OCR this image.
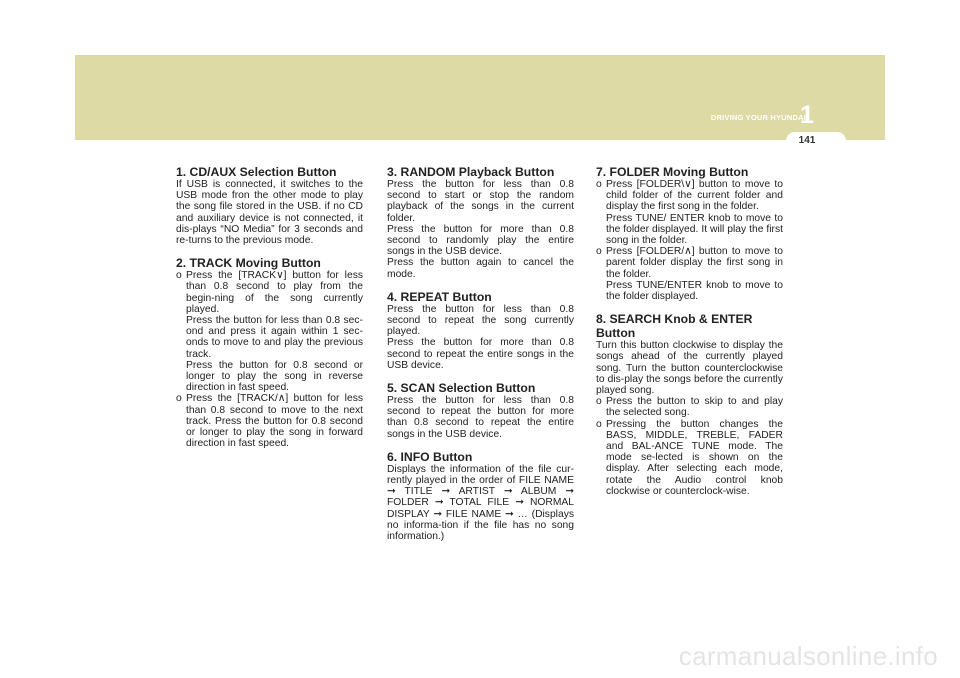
DRIVING YOUR HYUNDAI
1
141
1. CD/AUX Selection Button
If USB is connected, it switches to the USB mode fron the other mode to play the song file stored in the USB. if no CD and auxiliary device is not connected, it dis-plays “NO Media” for 3 seconds and re-turns to the previous mode.
2. TRACK Moving Button
o Press the [TRACK∨] button for less than 0.8 second to play from the begin-ning of the song currently played.
Press the button for less than 0.8 sec-ond and press it again within 1 sec-onds to move to and play the previous track.
Press the button for 0.8 second or longer to play the song in reverse direction in fast speed.
o Press the [TRACK/∧] button for less than 0.8 second to move to the next track. Press the button for 0.8 second or longer to play the song in forward direction in fast speed.
3. RANDOM Playback Button
Press the button for less than 0.8 second to start or stop the random playback of the songs in the current folder.
Press the button for more than 0.8 second to randomly play the entire songs in the USB device.
Press the button again to cancel the mode.
4. REPEAT Button
Press the button for less than 0.8 second to repeat the song currently played.
Press the button for more than 0.8 second to repeat the entire songs in the USB device.
5. SCAN Selection Button
Press the button for less than 0.8 second to repeat the button for more than 0.8 second to repeat the entire songs in the USB device.
6. INFO Button
Displays the information of the file cur-rently played in the order of FILE NAME ➞ TITLE ➞ ARTIST ➞ ALBUM ➞ FOLDER ➞ TOTAL FILE ➞ NORMAL DISPLAY ➞ FILE NAME ➞ … (Displays no informa-tion if the file has no song information.)
7. FOLDER Moving Button
o Press [FOLDER\∨] button to move to child folder of the current folder and display the first song in the folder.
Press TUNE/ ENTER knob to move to the folder displayed. It will play the first song in the folder.
o Press [FOLDER/∧] button to move to parent folder display the first song in the folder.
Press TUNE/ENTER knob to move to the folder displayed.
8. SEARCH Knob & ENTER Button
Turn this button clockwise to display the songs ahead of the currently played song. Turn the button counterclockwise to dis-play the songs before the currently played song.
o Press the button to skip to and play the selected song.
o Pressing the button changes the BASS, MIDDLE, TREBLE, FADER and BAL-ANCE TUNE mode. The mode se-lected is shown on the display. After selecting each mode, rotate the Audio control knob clockwise or counterclock-wise.
carmanualsonline.info
